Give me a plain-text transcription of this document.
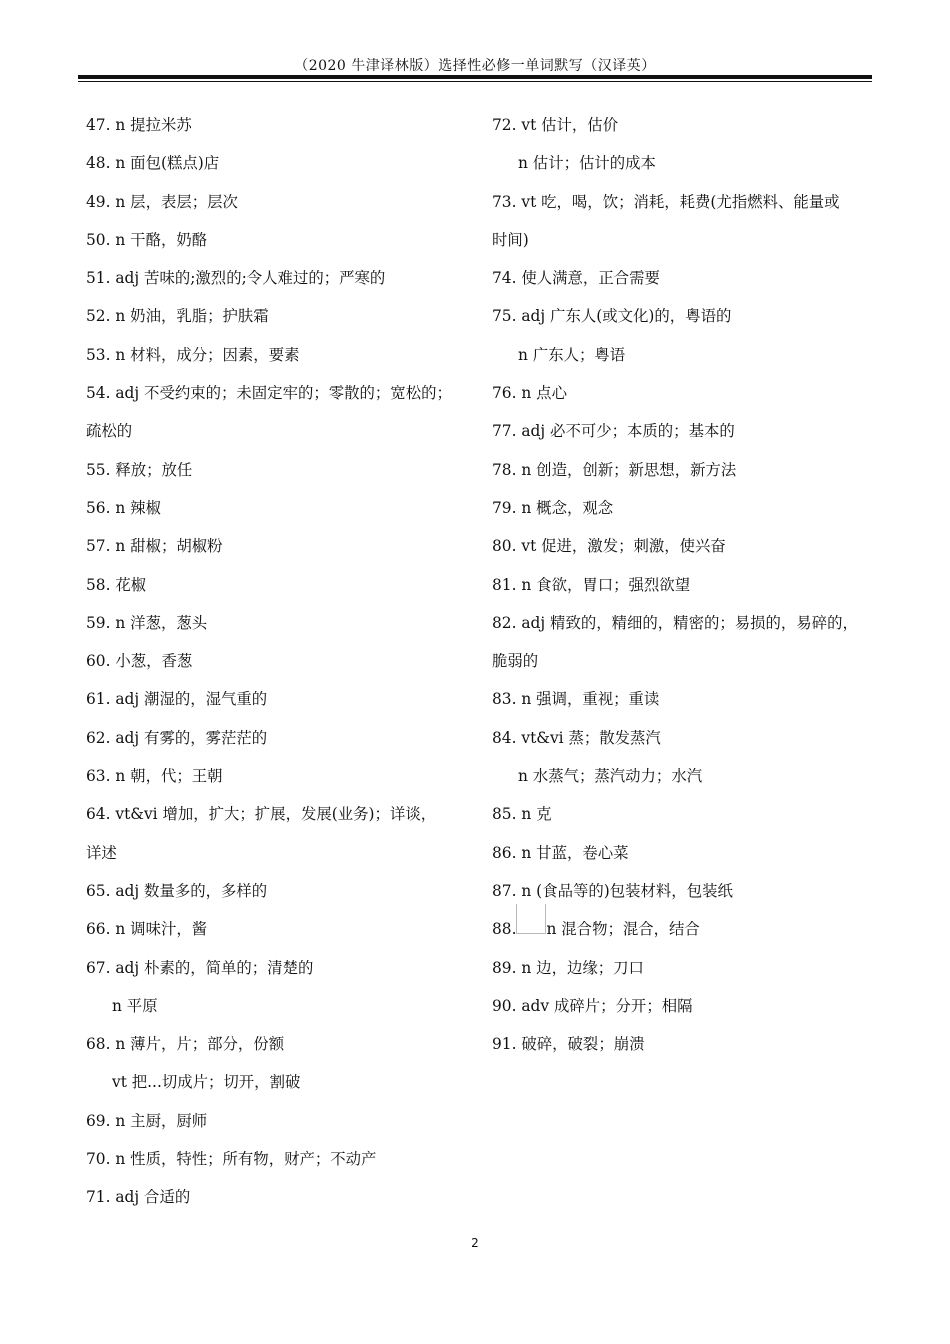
（2020 牛津译林版）选择性必修一单词默写（汉译英）
47. n 提拉米苏
48. n 面包(糕点)店
49. n 层，表层；层次
50. n 干酪，奶酪
51. adj 苦味的;激烈的;令人难过的；严寒的
52. n 奶油，乳脂；护肤霜
53. n 材料，成分；因素，要素
54. adj 不受约束的；未固定牢的；零散的；宽松的；
疏松的
55. 释放；放任
56. n 辣椒
57. n 甜椒；胡椒粉
58. 花椒
59. n 洋葱，葱头
60. 小葱，香葱
61. adj 潮湿的，湿气重的
62. adj 有雾的，雾茫茫的
63. n 朝，代；王朝
64. vt&vi 增加，扩大；扩展，发展(业务)；详谈，
详述
65. adj 数量多的，多样的
66. n 调味汁，酱
67. adj 朴素的，简单的；清楚的
n 平原
68. n 薄片，片；部分，份额
vt 把...切成片；切开，割破
69. n 主厨，厨师
70. n 性质，特性；所有物，财产；不动产
71. adj 合适的
72. vt 估计，估价
n 估计；估计的成本
73. vt 吃，喝，饮；消耗，耗费(尤指燃料、能量或
时间)
74. 使人满意，正合需要
75. adj 广东人(或文化)的，粤语的
n 广东人；粤语
76. n 点心
77. adj 必不可少；本质的；基本的
78. n 创造，创新；新思想，新方法
79. n 概念，观念
80. vt 促进，激发；刺激，使兴奋
81. n 食欲，胃口；强烈欲望
82. adj 精致的，精细的，精密的；易损的，易碎的，
脆弱的
83. n 强调，重视；重读
84. vt&vi 蒸；散发蒸汽
n 水蒸气；蒸汽动力；水汽
85. n 克
86. n 甘蓝，卷心菜
87. n (食品等的)包装材料，包装纸
88. n 混合物；混合，结合
89. n 边，边缘；刀口
90. adv 成碎片；分开；相隔
91. 破碎，破裂；崩溃
2
